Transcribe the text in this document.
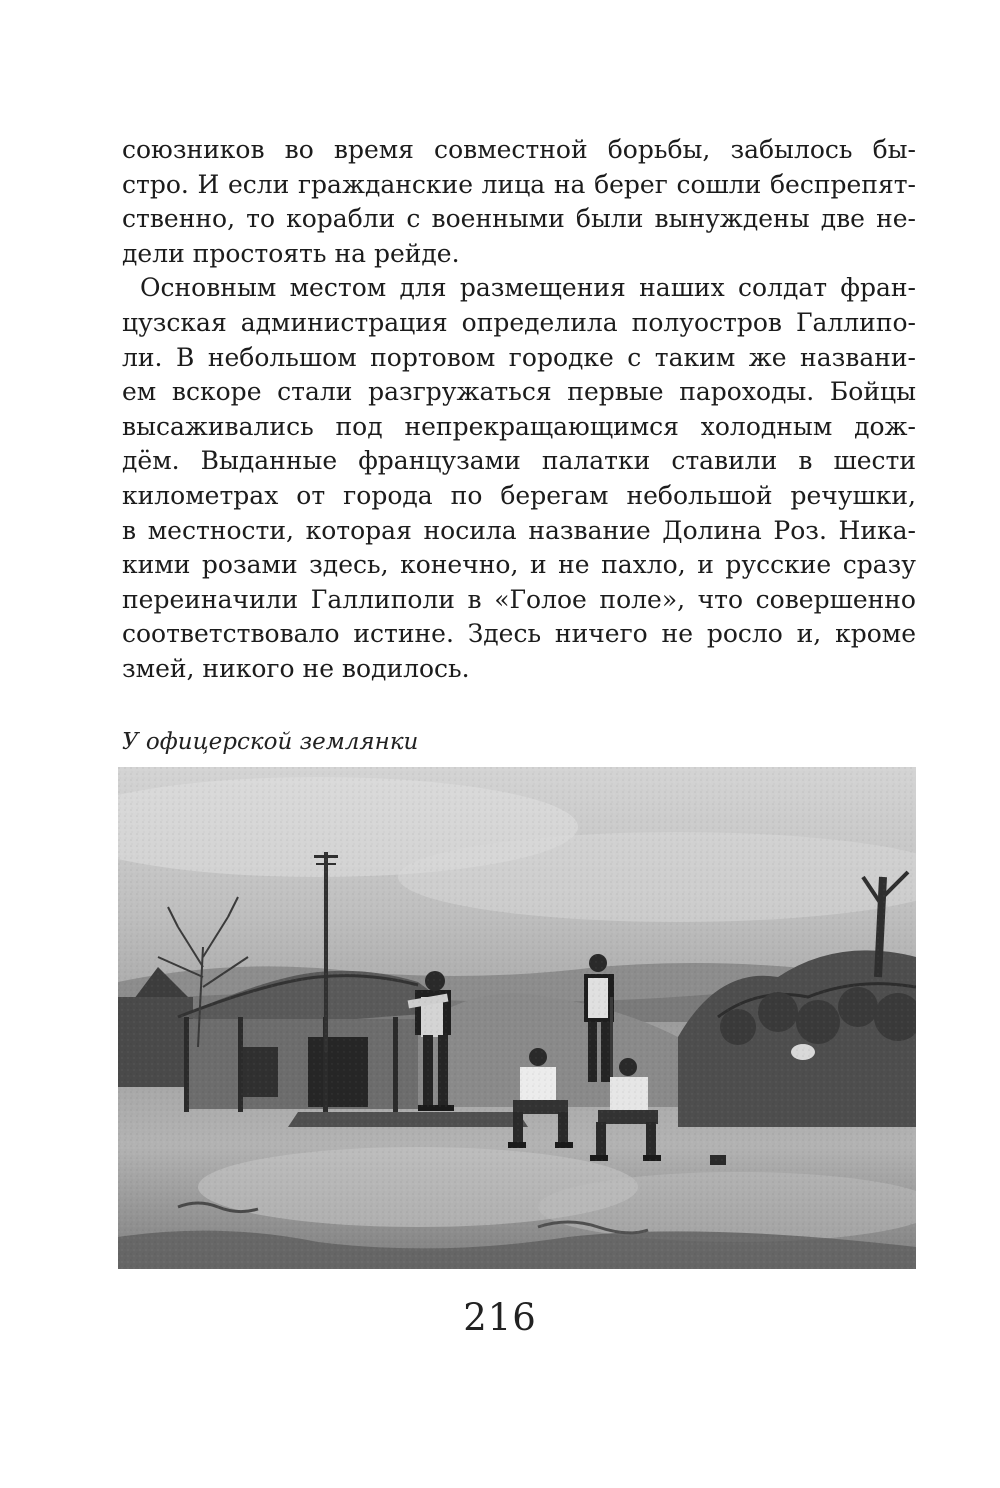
союзников во время совместной борьбы, забылось бы-
стро. И если гражданские лица на берег сошли беспрепят-
ственно, то корабли с военными были вынуждены две не-
дели простоять на рейде.

Основным местом для размещения наших солдат фран-
цузская администрация определила полуостров Галлипо-
ли. В небольшом портовом городке с таким же названи-
ем вскоре стали разгружаться первые пароходы. Бойцы
высаживались под непрекращающимся холодным дож-
дём. Выданные французами палатки ставили в шести
километрах от города по берегам небольшой речушки,
в местности, которая носила название Долина Роз. Ника-
кими розами здесь, конечно, и не пахло, и русские сразу
переиначили Галлиполи в «Голое поле», что совершенно
соответствовало истине. Здесь ничего не росло и, кроме
змей, никого не водилось.

У офицерской землянки
216
